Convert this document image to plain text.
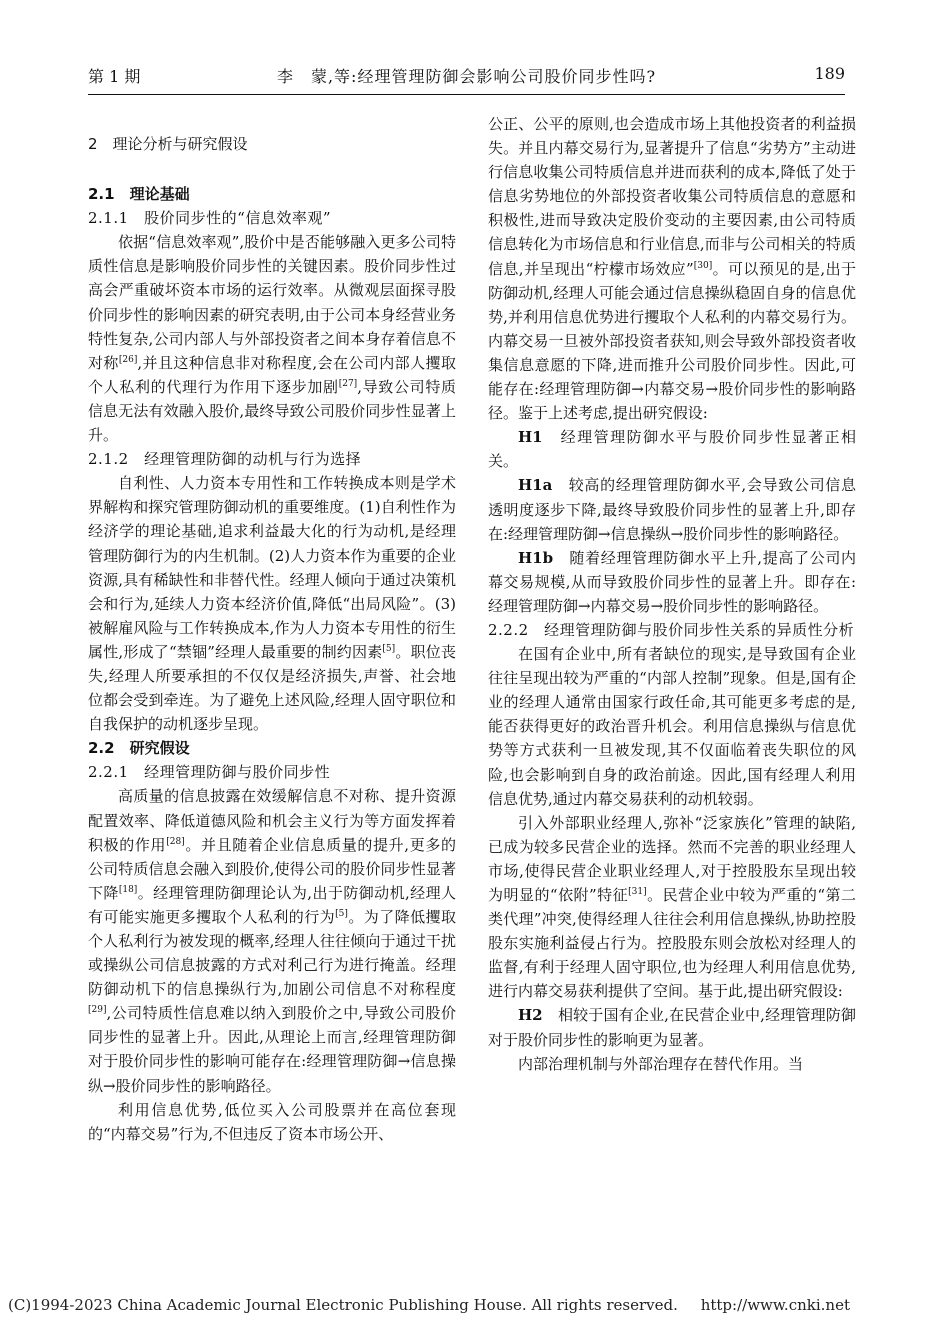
第 1 期	李　蒙,等:经理管理防御会影响公司股价同步性吗?	189
2　理论分析与研究假设
2.1　理论基础
2.1.1　股价同步性的“信息效率观”

依据“信息效率观”,股价中是否能够融入更多公司特质性信息是影响股价同步性的关键因素。股价同步性过高会严重破坏资本市场的运行效率。从微观层面探寻股价同步性的影响因素的研究表明,由于公司本身经营业务特性复杂,公司内部人与外部投资者之间本身存着信息不对称[26],并且这种信息非对称程度,会在公司内部人攫取个人私利的代理行为作用下逐步加剧[27],导致公司特质信息无法有效融入股价,最终导致公司股价同步性显著上升。

2.1.2　经理管理防御的动机与行为选择

自利性、人力资本专用性和工作转换成本则是学术界解构和探究管理防御动机的重要维度。(1)自利性作为经济学的理论基础,追求利益最大化的行为动机,是经理管理防御行为的内生机制。(2)人力资本作为重要的企业资源,具有稀缺性和非替代性。经理人倾向于通过决策机会和行为,延续人力资本经济价值,降低“出局风险”。(3)被解雇风险与工作转换成本,作为人力资本专用性的衍生属性,形成了“禁锢”经理人最重要的制约因素[5]。职位丧失,经理人所要承担的不仅仅是经济损失,声誉、社会地位都会受到牵连。为了避免上述风险,经理人固守职位和自我保护的动机逐步呈现。

2.2　研究假设
2.2.1　经理管理防御与股价同步性

高质量的信息披露在效缓解信息不对称、提升资源配置效率、降低道德风险和机会主义行为等方面发挥着积极的作用[28]。并且随着企业信息质量的提升,更多的公司特质信息会融入到股价,使得公司的股价同步性显著下降[18]。经理管理防御理论认为,出于防御动机,经理人有可能实施更多攫取个人私利的行为[5]。为了降低攫取个人私利行为被发现的概率,经理人往往倾向于通过干扰或操纵公司信息披露的方式对利己行为进行掩盖。经理防御动机下的信息操纵行为,加剧公司信息不对称程度[29],公司特质性信息难以纳入到股价之中,导致公司股价同步性的显著上升。因此,从理论上而言,经理管理防御对于股价同步性的影响可能存在:经理管理防御→信息操纵→股价同步性的影响路径。

利用信息优势,低位买入公司股票并在高位套现的“内幕交易”行为,不但违反了资本市场公开、

公正、公平的原则,也会造成市场上其他投资者的利益损失。并且内幕交易行为,显著提升了信息“劣势方”主动进行信息收集公司特质信息并进而获利的成本,降低了处于信息劣势地位的外部投资者收集公司特质信息的意愿和积极性,进而导致决定股价变动的主要因素,由公司特质信息转化为市场信息和行业信息,而非与公司相关的特质信息,并呈现出“柠檬市场效应”[30]。可以预见的是,出于防御动机,经理人可能会通过信息操纵稳固自身的信息优势,并利用信息优势进行攫取个人私利的内幕交易行为。内幕交易一旦被外部投资者获知,则会导致外部投资者收集信息意愿的下降,进而推升公司股价同步性。因此,可能存在:经理管理防御→内幕交易→股价同步性的影响路径。鉴于上述考虑,提出研究假设:

H1　经理管理防御水平与股价同步性显著正相关。

H1a　较高的经理管理防御水平,会导致公司信息透明度逐步下降,最终导致股价同步性的显著上升,即存在:经理管理防御→信息操纵→股价同步性的影响路径。

H1b　随着经理管理防御水平上升,提高了公司内幕交易规模,从而导致股价同步性的显著上升。即存在:经理管理防御→内幕交易→股价同步性的影响路径。

2.2.2　经理管理防御与股价同步性关系的异质性分析

在国有企业中,所有者缺位的现实,是导致国有企业往往呈现出较为严重的“内部人控制”现象。但是,国有企业的经理人通常由国家行政任命,其可能更多考虑的是,能否获得更好的政治晋升机会。利用信息操纵与信息优势等方式获利一旦被发现,其不仅面临着丧失职位的风险,也会影响到自身的政治前途。因此,国有经理人利用信息优势,通过内幕交易获利的动机较弱。

引入外部职业经理人,弥补“泛家族化”管理的缺陷,已成为较多民营企业的选择。然而不完善的职业经理人市场,使得民营企业职业经理人,对于控股股东呈现出较为明显的“依附”特征[31]。民营企业中较为严重的“第二类代理”冲突,使得经理人往往会利用信息操纵,协助控股股东实施利益侵占行为。控股股东则会放松对经理人的监督,有利于经理人固守职位,也为经理人利用信息优势,进行内幕交易获利提供了空间。基于此,提出研究假设:

H2　相较于国有企业,在民营企业中,经理管理防御对于股价同步性的影响更为显著。

内部治理机制与外部治理存在替代作用。当

(C)1994-2023 China Academic Journal Electronic Publishing House. All rights reserved. http://www.cnki.net
